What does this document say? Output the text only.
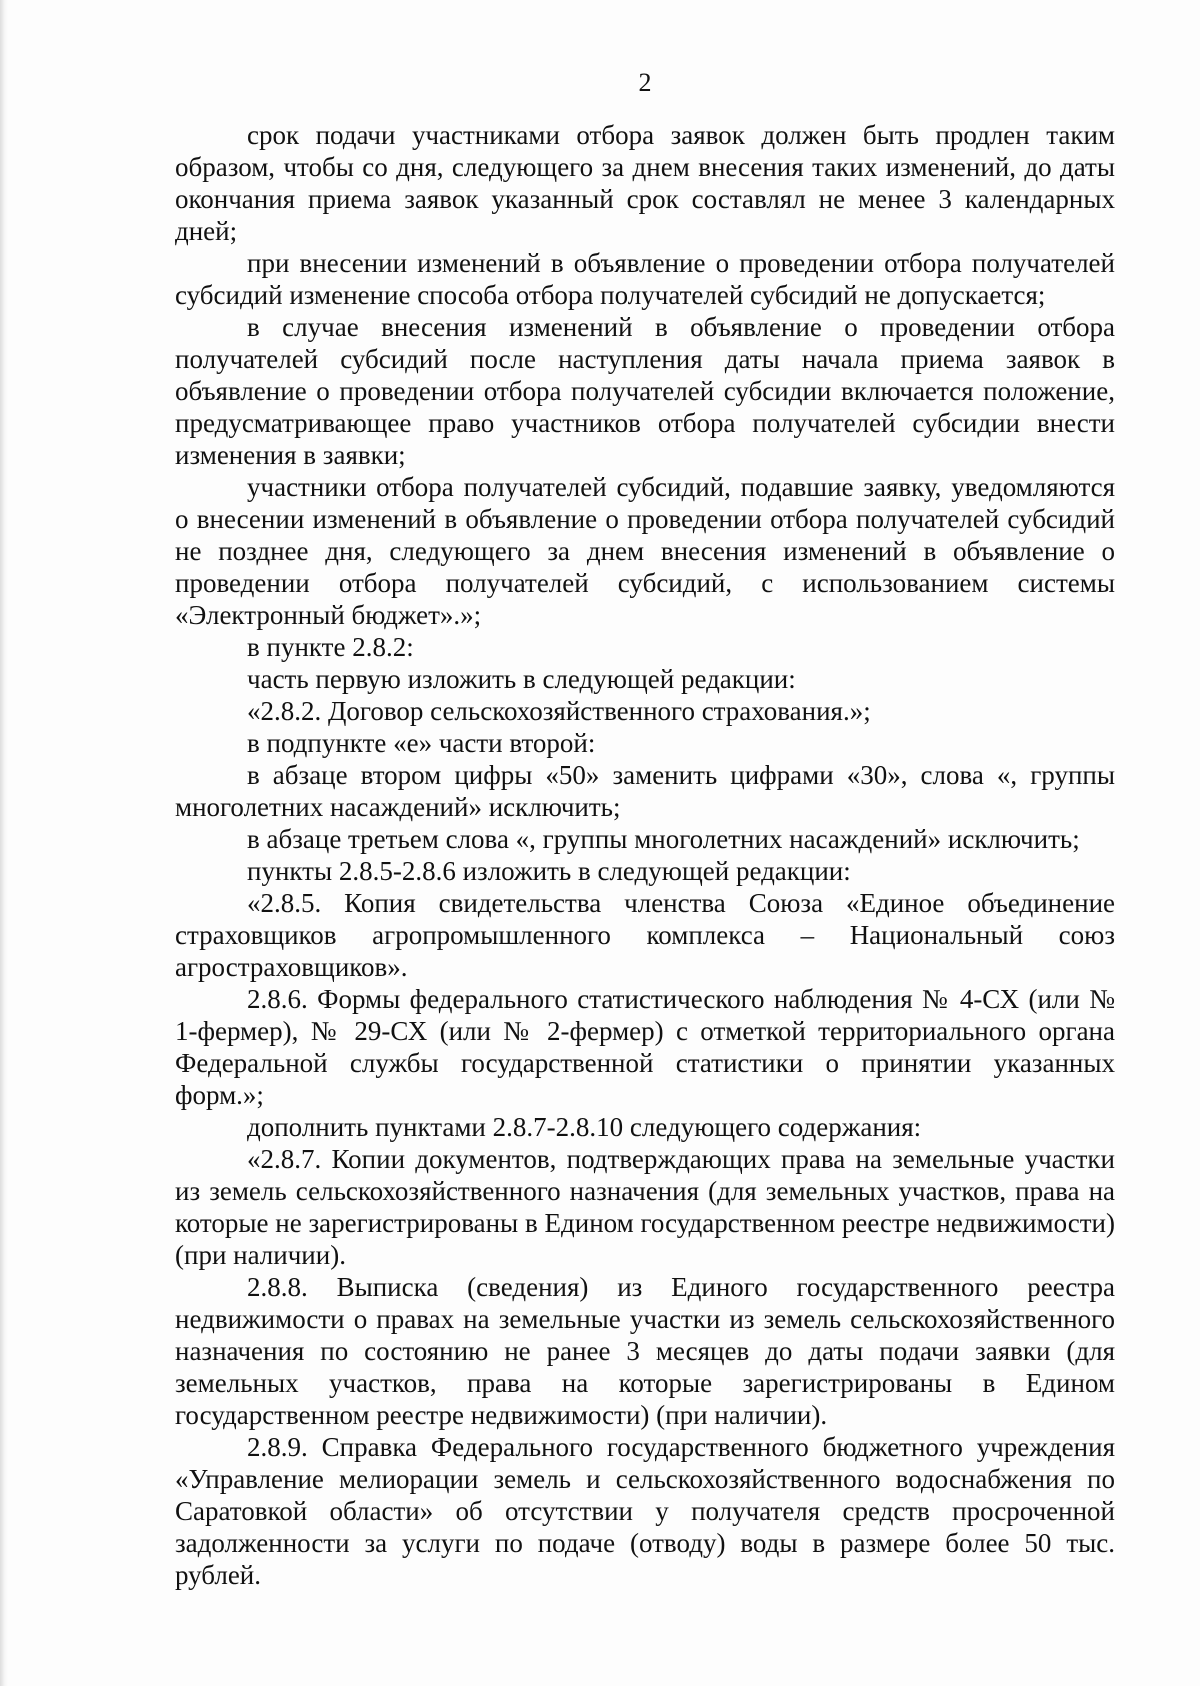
2

срок подачи участниками отбора заявок должен быть продлен таким образом, чтобы со дня, следующего за днем внесения таких изменений, до даты окончания приема заявок указанный срок составлял не менее 3 календарных дней;

при внесении изменений в объявление о проведении отбора получателей субсидий изменение способа отбора получателей субсидий не допускается;

в случае внесения изменений в объявление о проведении отбора получателей субсидий после наступления даты начала приема заявок в объявление о проведении отбора получателей субсидии включается положение, предусматривающее право участников отбора получателей субсидии внести изменения в заявки;

участники отбора получателей субсидий, подавшие заявку, уведомляются о внесении изменений в объявление о проведении отбора получателей субсидий не позднее дня, следующего за днем внесения изменений в объявление о проведении отбора получателей субсидий, с использованием системы «Электронный бюджет».»;

в пункте 2.8.2:

часть первую изложить в следующей редакции:

«2.8.2. Договор сельскохозяйственного страхования.»;

в подпункте «е» части второй:

в абзаце втором цифры «50» заменить цифрами «30», слова «, группы многолетних насаждений» исключить;

в абзаце третьем слова «, группы многолетних насаждений» исключить;

пункты 2.8.5-2.8.6 изложить в следующей редакции:

«2.8.5. Копия свидетельства членства Союза «Единое объединение страховщиков агропромышленного комплекса – Национальный союз агростраховщиков».

2.8.6. Формы федерального статистического наблюдения № 4-СХ (или № 1-фермер), № 29-СХ (или № 2-фермер) с отметкой территориального органа Федеральной службы государственной статистики о принятии указанных форм.»;

дополнить пунктами 2.8.7-2.8.10 следующего содержания:

«2.8.7. Копии документов, подтверждающих права на земельные участки из земель сельскохозяйственного назначения (для земельных участков, права на которые не зарегистрированы в Едином государственном реестре недвижимости) (при наличии).

2.8.8. Выписка (сведения) из Единого государственного реестра недвижимости о правах на земельные участки из земель сельскохозяйственного назначения по состоянию не ранее 3 месяцев до даты подачи заявки (для земельных участков, права на которые зарегистрированы в Едином государственном реестре недвижимости) (при наличии).

2.8.9. Справка Федерального государственного бюджетного учреждения «Управление мелиорации земель и сельскохозяйственного водоснабжения по Саратовкой области» об отсутствии у получателя средств просроченной задолженности за услуги по подаче (отводу) воды в размере более 50 тыс. рублей.
